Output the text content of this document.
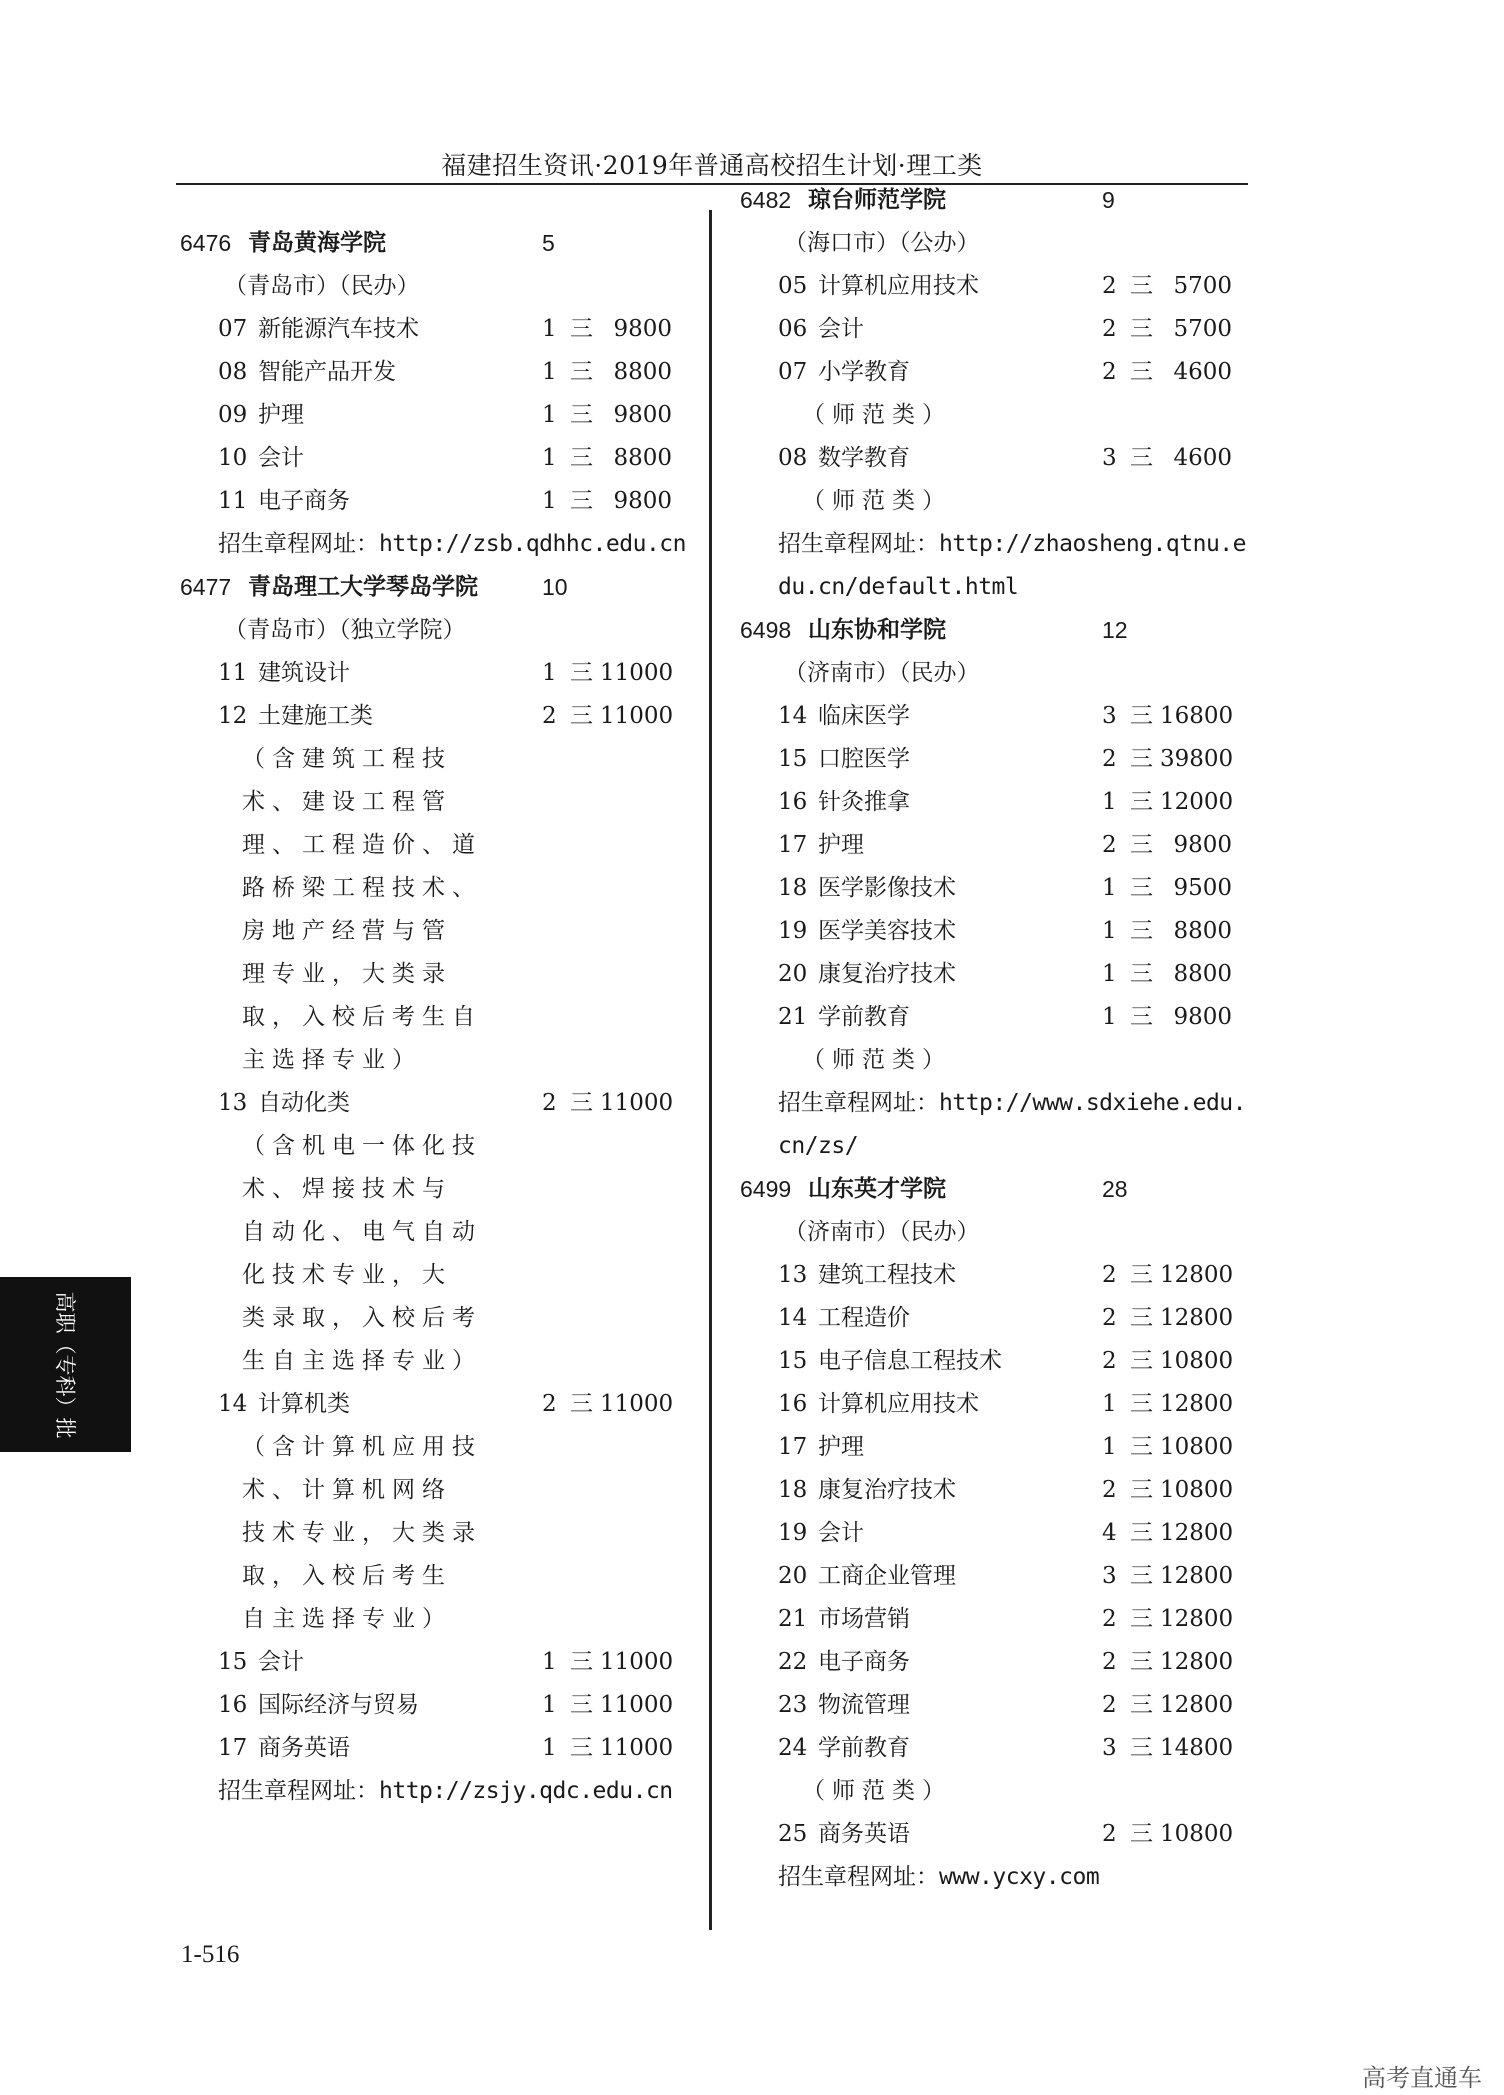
福建招生资讯·2019年普通高校招生计划·理工类
6476 青岛黄海学院	5
（青岛市）（民办）
07 新能源汽车技术	1 三 9800
08 智能产品开发	1 三 8800
09 护理	1 三 9800
10 会计	1 三 8800
11 电子商务	1 三 9800
招生章程网址：http://zsb.qdhhc.edu.cn
6477 青岛理工大学琴岛学院	10
（青岛市）（独立学院）
11 建筑设计	1 三 11000
12 土建施工类	2 三 11000
（含建筑工程技
术、建设工程管
理、工程造价、道
路桥梁工程技术、
房地产经营与管
理专业，大类录
取，入校后考生自
主选择专业）
13 自动化类	2 三 11000
（含机电一体化技
术、焊接技术与
自动化、电气自动
化技术专业，大
类录取，入校后考
生自主选择专业）
14 计算机类	2 三 11000
（含计算机应用技
术、计算机网络
技术专业，大类录
取，入校后考生
自主选择专业）
15 会计	1 三 11000
16 国际经济与贸易	1 三 11000
17 商务英语	1 三 11000
招生章程网址：http://zsjy.qdc.edu.cn
6482 琼台师范学院	9
（海口市）（公办）
05 计算机应用技术	2 三 5700
06 会计	2 三 5700
07 小学教育	2 三 4600
（师范类）
08 数学教育	3 三 4600
（师范类）
招生章程网址：http://zhaosheng.qtnu.e
du.cn/default.html
6498 山东协和学院	12
（济南市）（民办）
14 临床医学	3 三 16800
15 口腔医学	2 三 39800
16 针灸推拿	1 三 12000
17 护理	2 三 9800
18 医学影像技术	1 三 9500
19 医学美容技术	1 三 8800
20 康复治疗技术	1 三 8800
21 学前教育	1 三 9800
（师范类）
招生章程网址：http://www.sdxiehe.edu.
cn/zs/
6499 山东英才学院	28
（济南市）（民办）
13 建筑工程技术	2 三 12800
14 工程造价	2 三 12800
15 电子信息工程技术	2 三 10800
16 计算机应用技术	1 三 12800
17 护理	1 三 10800
18 康复治疗技术	2 三 10800
19 会计	4 三 12800
20 工商企业管理	3 三 12800
21 市场营销	2 三 12800
22 电子商务	2 三 12800
23 物流管理	2 三 12800
24 学前教育	3 三 14800
（师范类）
25 商务英语	2 三 10800
招生章程网址：www.ycxy.com
高职（专科）批
1-516
高考直通车
